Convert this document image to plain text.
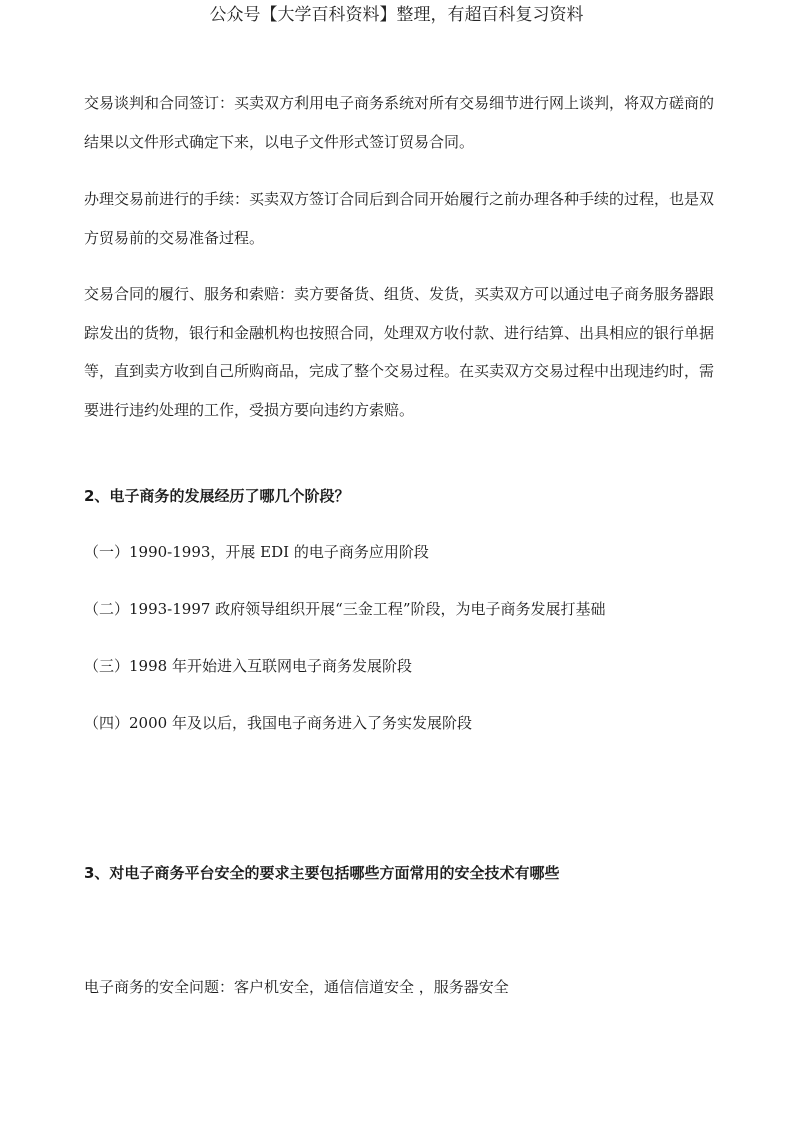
公众号【大学百科资料】整理，有超百科复习资料

交易谈判和合同签订：买卖双方利用电子商务系统对所有交易细节进行网上谈判，将双方磋商的结果以文件形式确定下来，以电子文件形式签订贸易合同。

办理交易前进行的手续：买卖双方签订合同后到合同开始履行之前办理各种手续的过程，也是双方贸易前的交易准备过程。

交易合同的履行、服务和索赔：卖方要备货、组货、发货，买卖双方可以通过电子商务服务器跟踪发出的货物，银行和金融机构也按照合同，处理双方收付款、进行结算、出具相应的银行单据等，直到卖方收到自己所购商品，完成了整个交易过程。在买卖双方交易过程中出现违约时，需要进行违约处理的工作，受损方要向违约方索赔。

2、电子商务的发展经历了哪几个阶段？

（一）1990-1993，开展 EDI 的电子商务应用阶段

（二）1993-1997 政府领导组织开展“三金工程”阶段，为电子商务发展打基础

（三）1998 年开始进入互联网电子商务发展阶段

（四）2000 年及以后，我国电子商务进入了务实发展阶段

3、对电子商务平台安全的要求主要包括哪些方面常用的安全技术有哪些

电子商务的安全问题：客户机安全，通信信道安全 ，服务器安全
